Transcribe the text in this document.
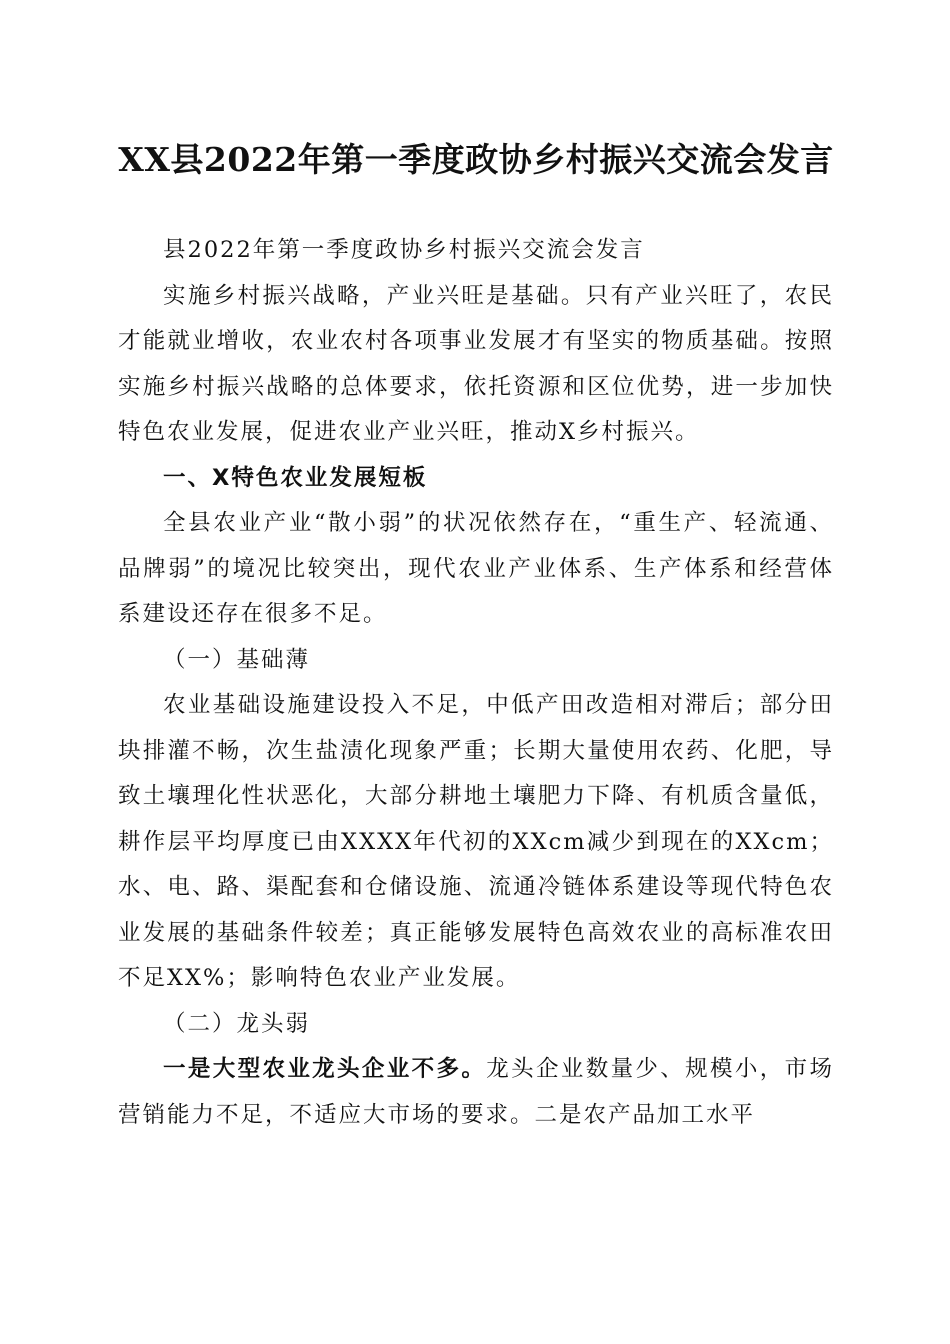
XX县2022年第一季度政协乡村振兴交流会发言

县2022年第一季度政协乡村振兴交流会发言

实施乡村振兴战略，产业兴旺是基础。只有产业兴旺了，农民才能就业增收，农业农村各项事业发展才有坚实的物质基础。按照实施乡村振兴战略的总体要求，依托资源和区位优势，进一步加快特色农业发展，促进农业产业兴旺，推动X乡村振兴。

一、X特色农业发展短板

全县农业产业“散小弱”的状况依然存在，“重生产、轻流通、品牌弱”的境况比较突出，现代农业产业体系、生产体系和经营体系建设还存在很多不足。

（一）基础薄

农业基础设施建设投入不足，中低产田改造相对滞后；部分田块排灌不畅，次生盐渍化现象严重；长期大量使用农药、化肥，导致土壤理化性状恶化，大部分耕地土壤肥力下降、有机质含量低，耕作层平均厚度已由XXXX年代初的XXcm减少到现在的XXcm；水、电、路、渠配套和仓储设施、流通冷链体系建设等现代特色农业发展的基础条件较差；真正能够发展特色高效农业的高标准农田不足XX%；影响特色农业产业发展。

（二）龙头弱

一是大型农业龙头企业不多。龙头企业数量少、规模小，市场营销能力不足，不适应大市场的要求。二是农产品加工水平
